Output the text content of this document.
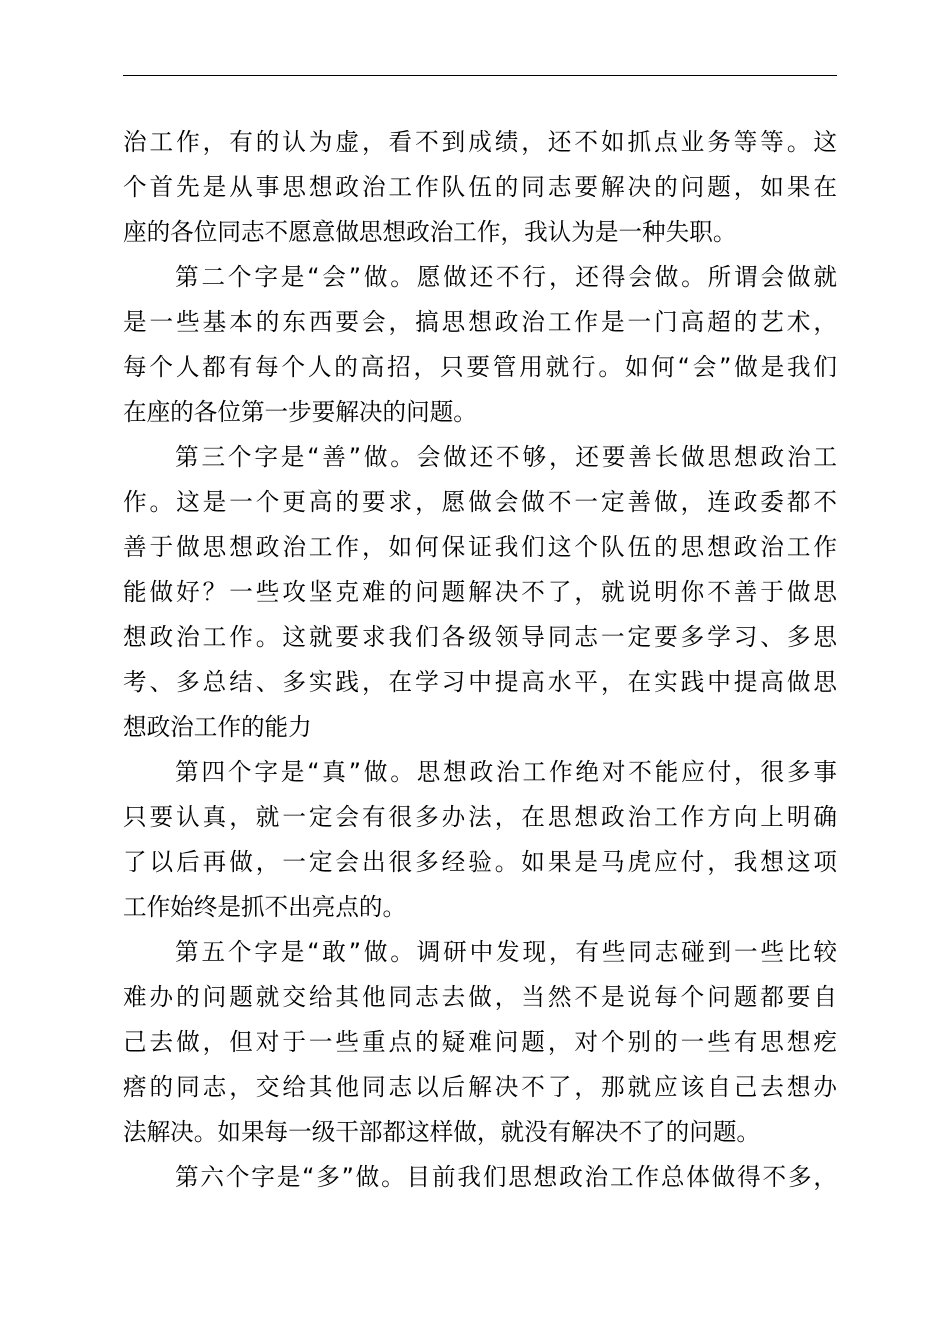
治工作，有的认为虚，看不到成绩，还不如抓点业务等等。这
个首先是从事思想政治工作队伍的同志要解决的问题，如果在
座的各位同志不愿意做思想政治工作，我认为是一种失职。
第二个字是“会”做。愿做还不行，还得会做。所谓会做就
是一些基本的东西要会，搞思想政治工作是一门高超的艺术，
每个人都有每个人的高招，只要管用就行。如何“会”做是我们
在座的各位第一步要解决的问题。
第三个字是“善”做。会做还不够，还要善长做思想政治工
作。这是一个更高的要求，愿做会做不一定善做，连政委都不
善于做思想政治工作，如何保证我们这个队伍的思想政治工作
能做好？一些攻坚克难的问题解决不了，就说明你不善于做思
想政治工作。这就要求我们各级领导同志一定要多学习、多思
考、多总结、多实践，在学习中提高水平，在实践中提高做思
想政治工作的能力
第四个字是“真”做。思想政治工作绝对不能应付，很多事
只要认真，就一定会有很多办法，在思想政治工作方向上明确
了以后再做，一定会出很多经验。如果是马虎应付，我想这项
工作始终是抓不出亮点的。
第五个字是“敢”做。调研中发现，有些同志碰到一些比较
难办的问题就交给其他同志去做，当然不是说每个问题都要自
己去做，但对于一些重点的疑难问题，对个别的一些有思想疙
瘩的同志，交给其他同志以后解决不了，那就应该自己去想办
法解决。如果每一级干部都这样做，就没有解决不了的问题。
第六个字是“多”做。目前我们思想政治工作总体做得不多，
